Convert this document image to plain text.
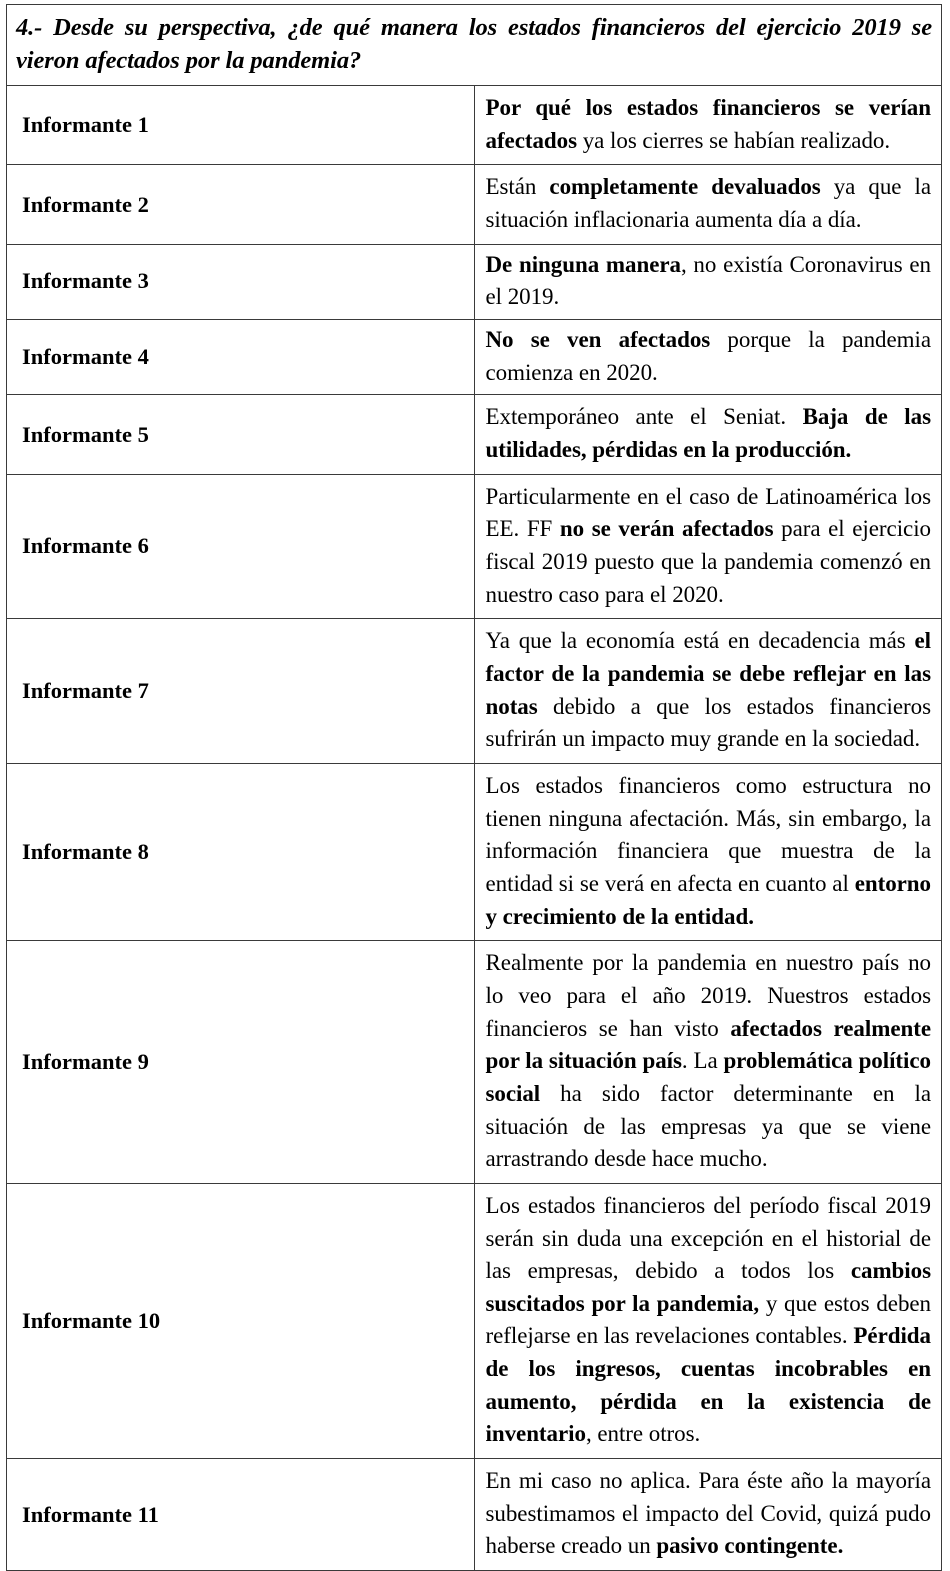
4.- Desde su perspectiva, ¿de qué manera los estados financieros del ejercicio 2019 se vieron afectados por la pandemia?	
Informante 1	Por qué los estados financieros se verían afectados ya los cierres se habían realizado.
Informante 2	Están completamente devaluados ya que la situación inflacionaria aumenta día a día.
Informante 3	De ninguna manera, no existía Coronavirus en el 2019.
Informante 4	No se ven afectados porque la pandemia comienza en 2020.
Informante 5	Extemporáneo ante el Seniat. Baja de las utilidades, pérdidas en la producción.
Informante 6	Particularmente en el caso de Latinoamérica los EE. FF no se verán afectados para el ejercicio fiscal 2019 puesto que la pandemia comenzó en nuestro caso para el 2020.
Informante 7	Ya que la economía está en decadencia más el factor de la pandemia se debe reflejar en las notas debido a que los estados financieros sufrirán un impacto muy grande en la sociedad.
Informante 8	Los estados financieros como estructura no tienen ninguna afectación. Más, sin embargo, la información financiera que muestra de la entidad si se verá en afecta en cuanto al entorno y crecimiento de la entidad.
Informante 9	Realmente por la pandemia en nuestro país no lo veo para el año 2019. Nuestros estados financieros se han visto afectados realmente por la situación país. La problemática político social ha sido factor determinante en la situación de las empresas ya que se viene arrastrando desde hace mucho.
Informante 10	Los estados financieros del período fiscal 2019 serán sin duda una excepción en el historial de las empresas, debido a todos los cambios suscitados por la pandemia, y que estos deben reflejarse en las revelaciones contables. Pérdida de los ingresos, cuentas incobrables en aumento, pérdida en la existencia de inventario, entre otros.
Informante 11	En mi caso no aplica. Para éste año la mayoría subestimamos el impacto del Covid, quizá pudo haberse creado un pasivo contingente.
